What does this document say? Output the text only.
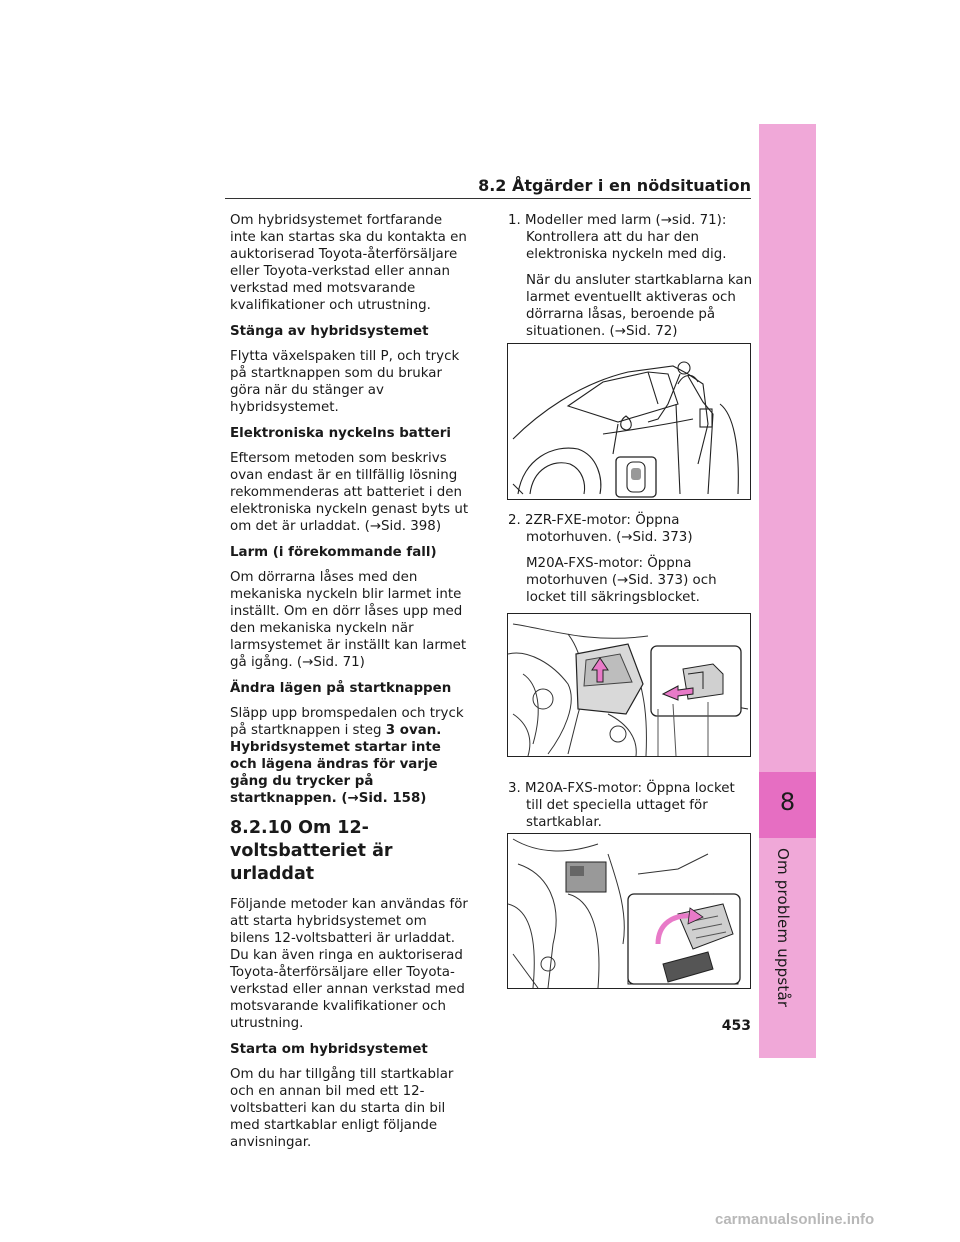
8
Om problem uppstår
8.2 Åtgärder i en nödsituation

Om hybridsystemet fortfarande inte kan startas ska du kontakta en auktoriserad Toyota-återförsäljare eller Toyota-verkstad eller annan verkstad med motsvarande kvalifikationer och utrustning.

Stänga av hybridsystemet

Flytta växelspaken till P, och tryck på startknappen som du brukar göra när du stänger av hybridsystemet.

Elektroniska nyckelns batteri

Eftersom metoden som beskrivs ovan endast är en tillfällig lösning rekommenderas att batteriet i den elektroniska nyckeln genast byts ut om det är urladdat. (→Sid. 398)

Larm (i förekommande fall)

Om dörrarna låses med den mekaniska nyckeln blir larmet inte inställt. Om en dörr låses upp med den mekaniska nyckeln när larmsystemet är inställt kan larmet gå igång. (→Sid. 71)

Ändra lägen på startknappen

Släpp upp bromspedalen och tryck på startknappen i steg 3 ovan. Hybridsystemet startar inte och lägena ändras för varje gång du trycker på startknappen. (→Sid. 158)

8.2.10 Om 12-voltsbatteriet är urladdat

Följande metoder kan användas för att starta hybridsystemet om bilens 12-voltsbatteri är urladdat. Du kan även ringa en auktoriserad Toyota-återförsäljare eller Toyota-verkstad eller annan verkstad med motsvarande kvalifikationer och utrustning.

Starta om hybridsystemet

Om du har tillgång till startkablar och en annan bil med ett 12-voltsbatteri kan du starta din bil med startkablar enligt följande anvisningar.

1. Modeller med larm (→sid. 71): Kontrollera att du har den elektroniska nyckeln med dig.

När du ansluter startkablarna kan larmet eventuellt aktiveras och dörrarna låsas, beroende på situationen. (→Sid. 72)

2. 2ZR-FXE-motor: Öppna motorhuven. (→Sid. 373)

M20A-FXS-motor: Öppna motorhuven (→Sid. 373) och locket till säkringsblocket.

3. M20A-FXS-motor: Öppna locket till det speciella uttaget för startkablar.

453
carmanualsonline.info
